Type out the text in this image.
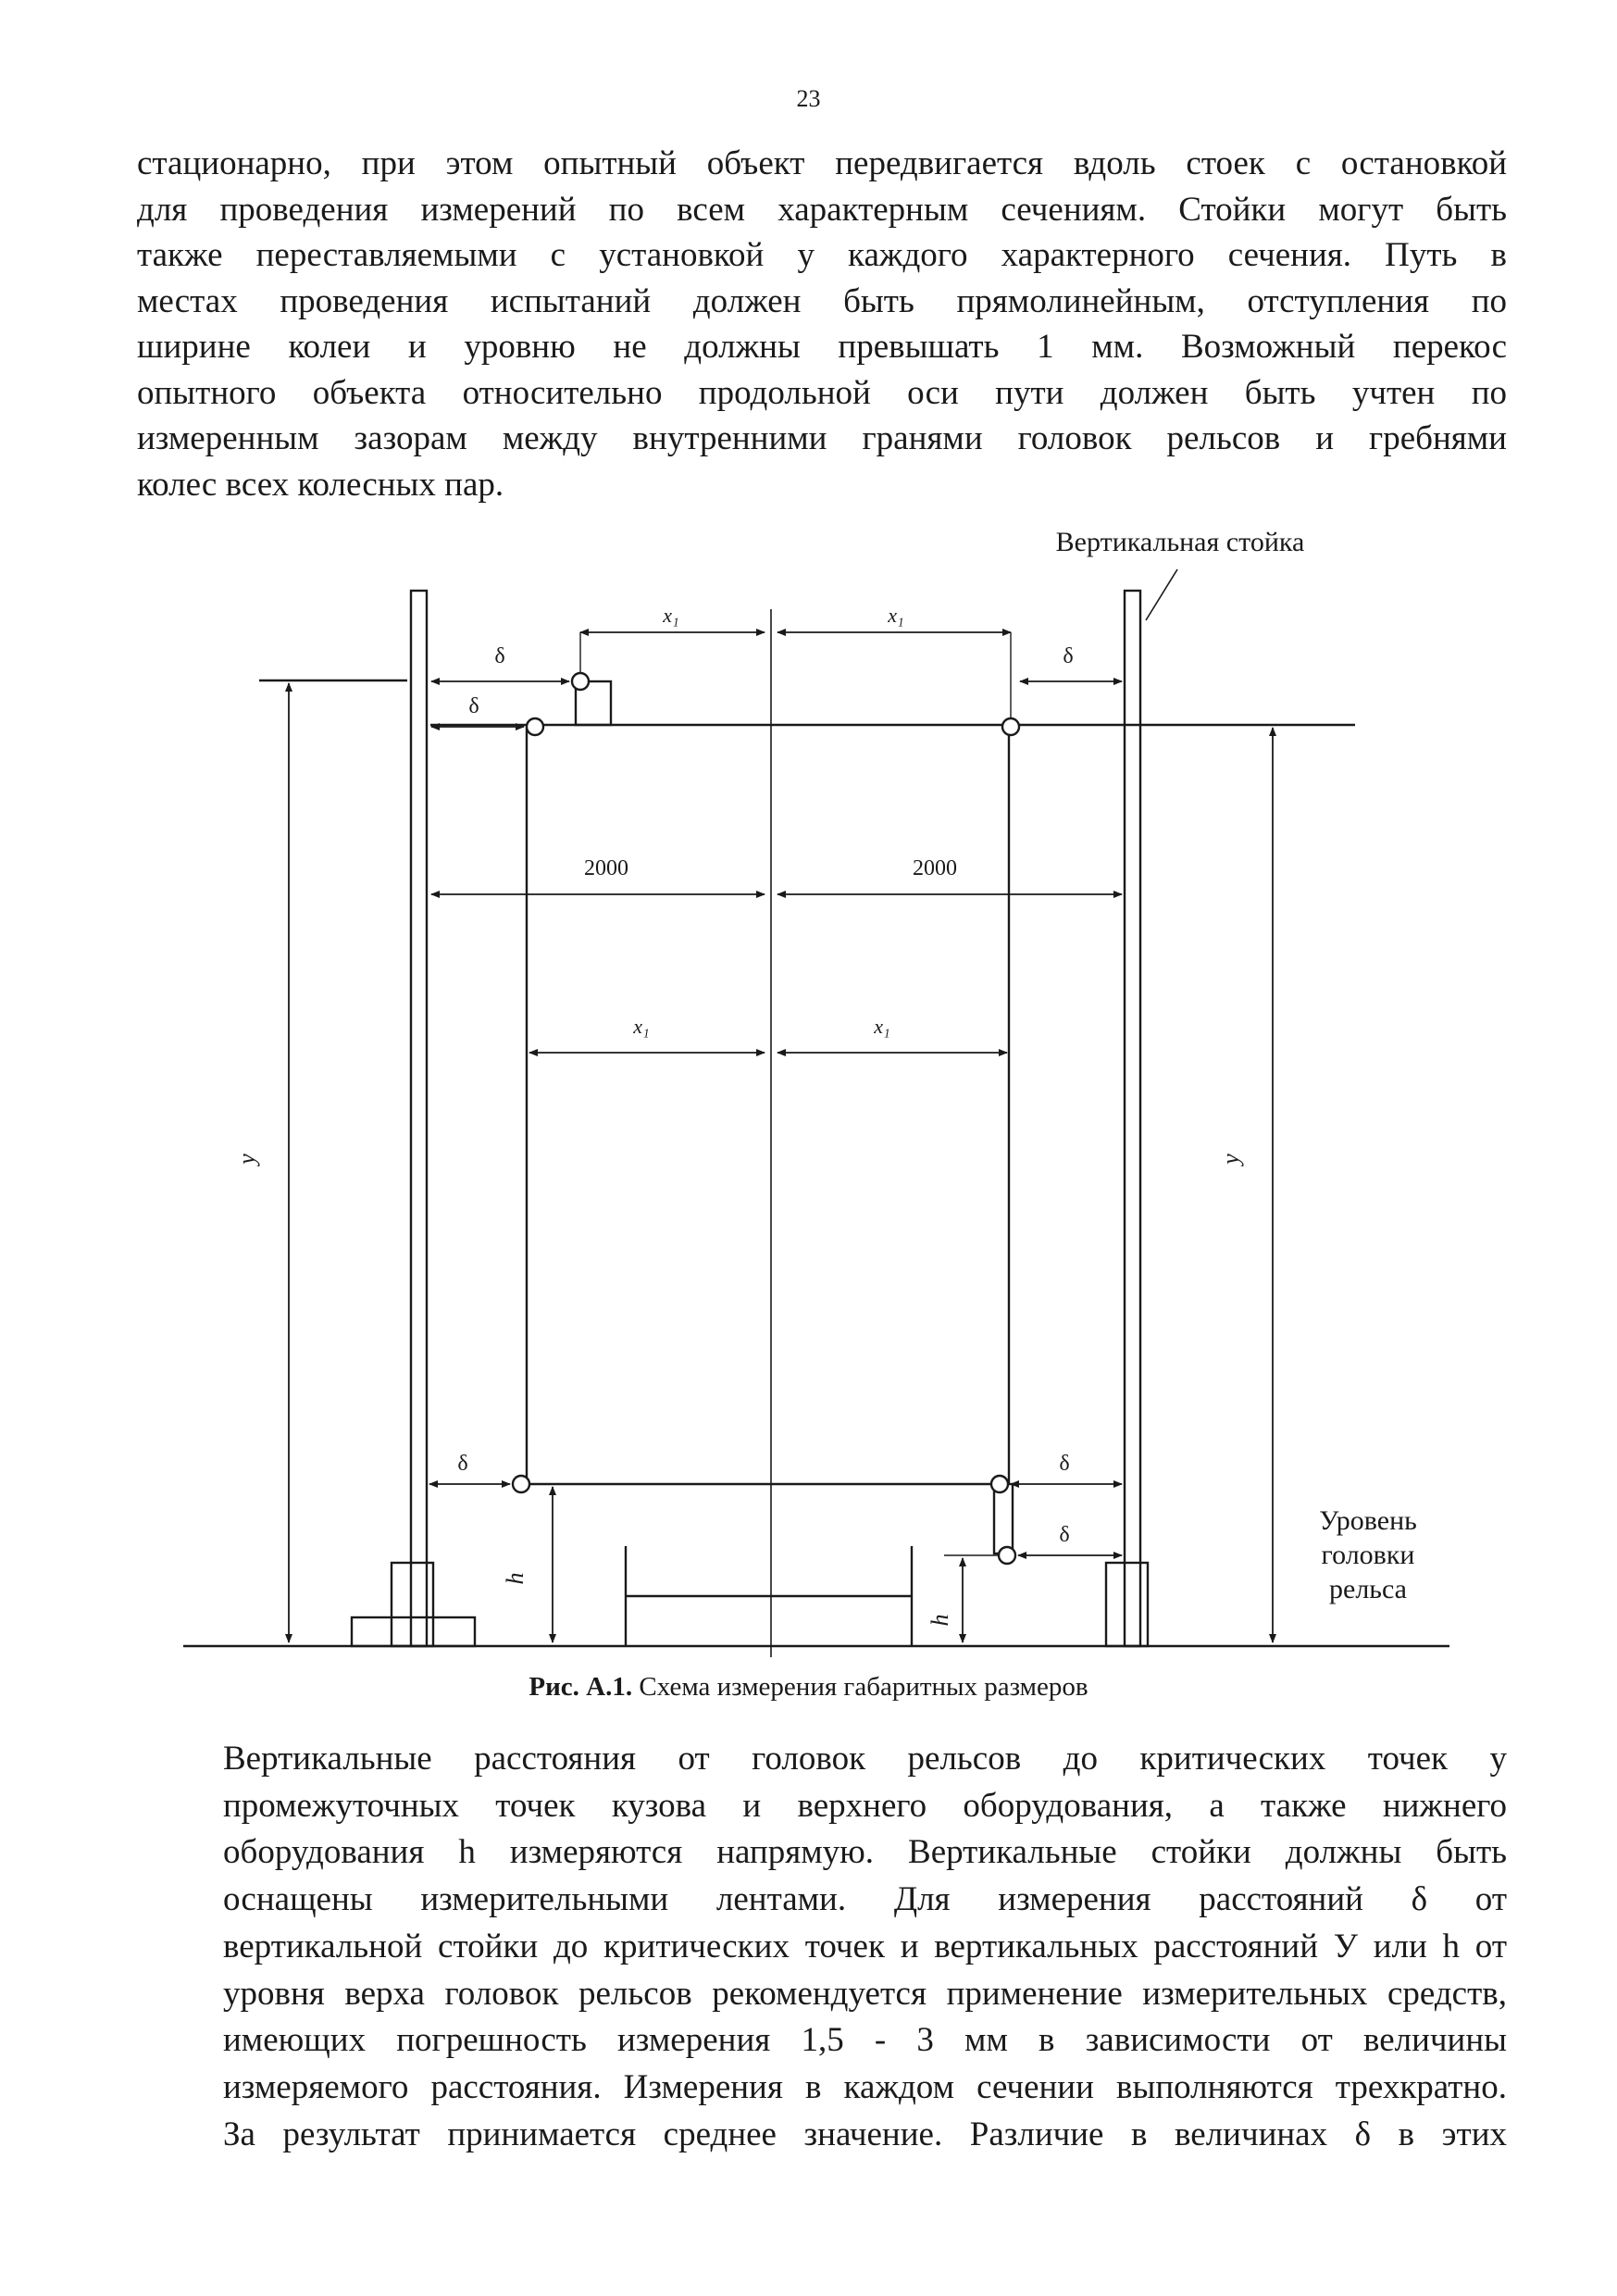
23
стационарно, при этом опытный объект передвигается вдоль стоек с остановкой
для проведения измерений по всем характерным сечениям. Стойки могут быть
также переставляемыми с установкой у каждого характерного сечения. Путь в
местах проведения испытаний должен быть прямолинейным, отступления по
ширине колеи и уровню не должны превышать 1 мм. Возможный перекос
опытного объекта относительно продольной оси пути должен быть учтен по
измеренным зазорам между внутренними гранями головок рельсов и гребнями
колес всех колесных пар.
Вертикальная стойка
x₁	x₁
δ	δ
δ
2000	2000
x₁	x₁
y	y
δ	δ
δ
h
h
Уровень
головки
рельса
Рис. А.1. Схема измерения габаритных размеров
Вертикальные расстояния от головок рельсов до критических точек у
промежуточных точек кузова и верхнего оборудования, а также нижнего
оборудования h измеряются напрямую. Вертикальные стойки должны быть
оснащены измерительными лентами. Для измерения расстояний δ от
вертикальной стойки до критических точек и вертикальных расстояний У или h от
уровня верха головок рельсов рекомендуется применение измерительных средств,
имеющих погрешность измерения 1,5 - 3 мм в зависимости от величины
измеряемого расстояния. Измерения в каждом сечении выполняются трехкратно.
За результат принимается среднее значение. Различие в величинах δ в этих
